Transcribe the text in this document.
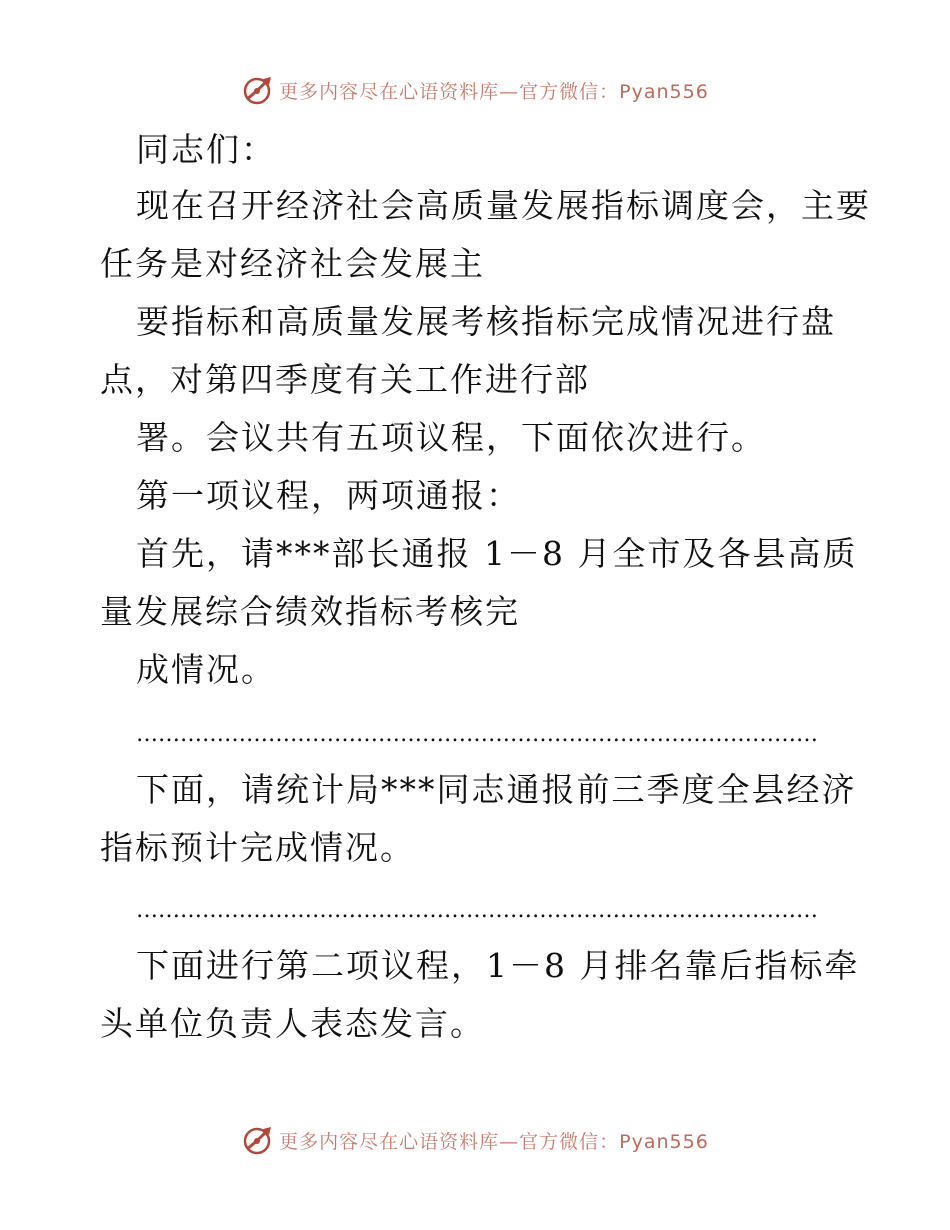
更多内容尽在心语资料库—官方微信：Pyan556
同志们：
现在召开经济社会高质量发展指标调度会，主要
任务是对经济社会发展主
要指标和高质量发展考核指标完成情况进行盘
点，对第四季度有关工作进行部
署。会议共有五项议程，下面依次进行。
第一项议程，两项通报：
首先，请***部长通报 1－8 月全市及各县高质
量发展综合绩效指标考核完
成情况。
…………………………………………………………………………………
下面，请统计局***同志通报前三季度全县经济
指标预计完成情况。
…………………………………………………………………………………
下面进行第二项议程，1－8 月排名靠后指标牵
头单位负责人表态发言。
更多内容尽在心语资料库—官方微信：Pyan556
